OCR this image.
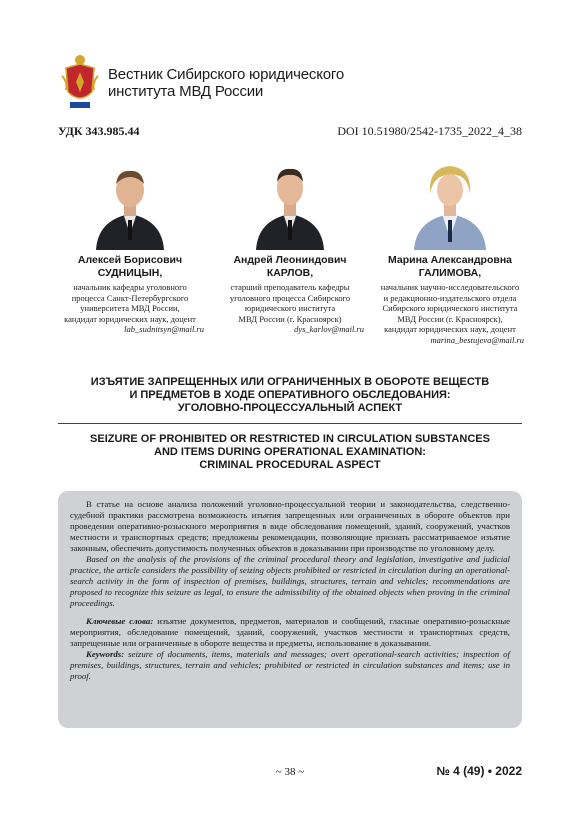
Вестник Сибирского юридического
института МВД России
УДК 343.985.44	DOI 10.51980/2542-1735_2022_4_38
Алексей Борисович
СУДНИЦЫН,
начальник кафедры уголовного
процесса Санкт-Петербургского
университета МВД России,
кандидат юридических наук, доцент
lab_sudnitsyn@mail.ru
Андрей Леониндович
КАРЛОВ,
старший преподаватель кафедры
уголовного процесса Сибирского
юридического института
МВД России (г. Красноярск)
dys_karlov@mail.ru
Марина Александровна
ГАЛИМОВА,
начальник научно-исследовательского
и редакционно-издательского отдела
Сибирского юридического института
МВД России (г. Красноярск),
кандидат юридических наук, доцент
marina_bestujeva@mail.ru
ИЗЪЯТИЕ ЗАПРЕЩЕННЫХ ИЛИ ОГРАНИЧЕННЫХ В ОБОРОТЕ ВЕЩЕСТВ
И ПРЕДМЕТОВ В ХОДЕ ОПЕРАТИВНОГО ОБСЛЕДОВАНИЯ:
УГОЛОВНО-ПРОЦЕССУАЛЬНЫЙ АСПЕКТ
SEIZURE OF PROHIBITED OR RESTRICTED IN CIRCULATION SUBSTANCES
AND ITEMS DURING OPERATIONAL EXAMINATION:
CRIMINAL PROCEDURAL ASPECT

В статье на основе анализа положений уголовно-процессуальной теории и законодательства, следственно-судебной практики рассмотрена возможность изъятия запрещенных или ограниченных в обороте объектов при проведении оперативно-розыскного мероприятия в виде обследования помещений, зданий, сооружений, участков местности и транспортных средств; предложены рекомендации, позволяющие признать рассматриваемое изъятие законным, обеспечить допустимость полученных объектов в доказывании при производстве по уголовному делу.

Based on the analysis of the provisions of the criminal procedural theory and legislation, investigative and judicial practice, the article considers the possibility of seizing objects prohibited or restricted in circulation during an operational-search activity in the form of inspection of premises, buildings, structures, terrain and vehicles; recommendations are proposed to recognize this seizure as legal, to ensure the admissibility of the obtained objects when proving in the criminal proceedings.

Ключевые слова: изъятие документов, предметов, материалов и сообщений, гласные оперативно-розыскные мероприятия, обследование помещений, зданий, сооружений, участков местности и транспортных средств, запрещенные или ограниченные в обороте вещества и предметы, использование в доказывании.

Keywords: seizure of documents, items, materials and messages; overt operational-search activities; inspection of premises, buildings, structures, terrain and vehicles; prohibited or restricted in circulation substances and items; use in proof.

~ 38 ~	№ 4 (49) • 2022
